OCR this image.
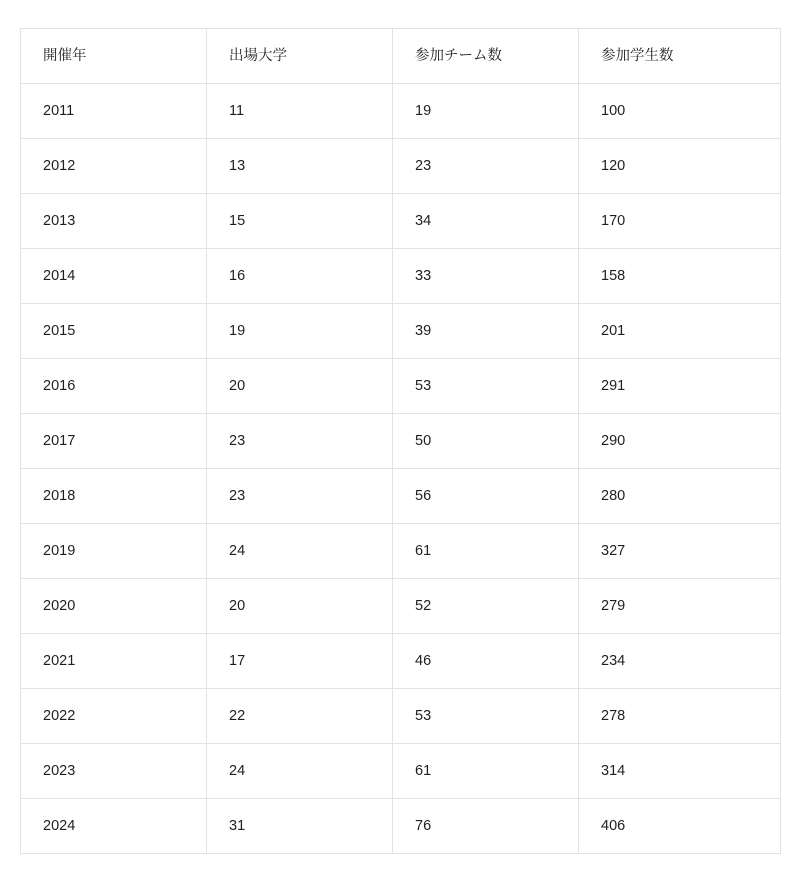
開催年	出場大学	参加チーム数	参加学生数
2011	11	19	100
2012	13	23	120
2013	15	34	170
2014	16	33	158
2015	19	39	201
2016	20	53	291
2017	23	50	290
2018	23	56	280
2019	24	61	327
2020	20	52	279
2021	17	46	234
2022	22	53	278
2023	24	61	314
2024	31	76	406
